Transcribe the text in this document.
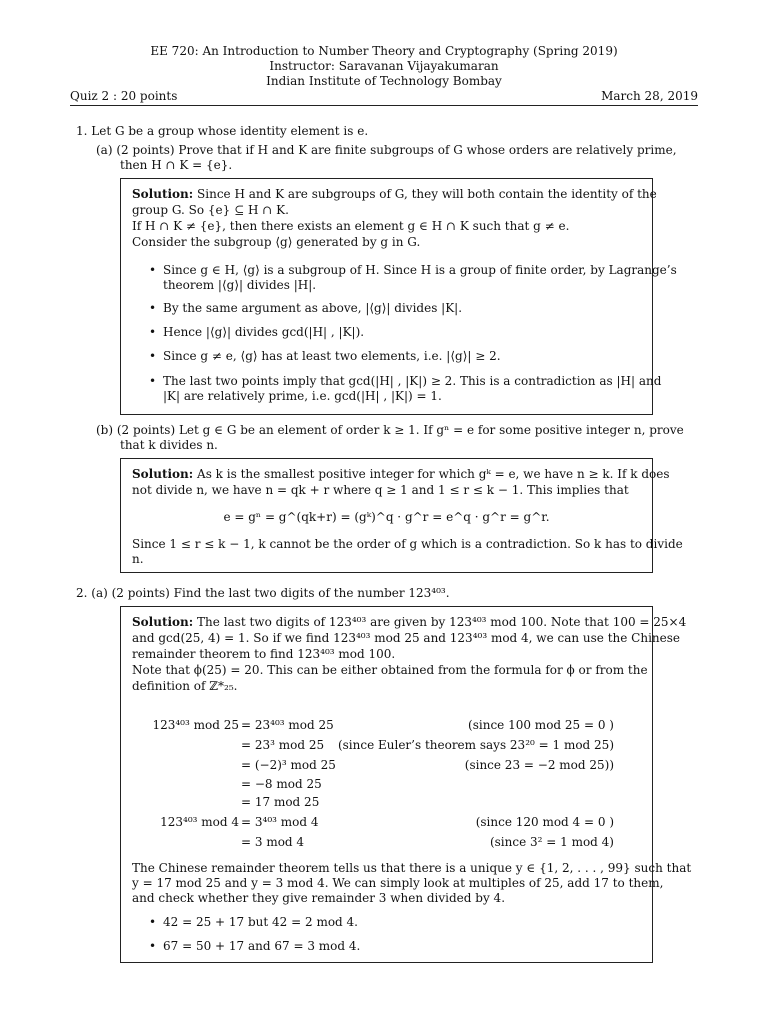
EE 720: An Introduction to Number Theory and Cryptography (Spring 2019)
Instructor: Saravanan Vijayakumaran
Indian Institute of Technology Bombay
Quiz 2 : 20 points	March 28, 2019
1. Let G be a group whose identity element is e.
(a) (2 points) Prove that if H and K are finite subgroups of G whose orders are relatively prime,
then H ∩ K = {e}.
Solution: Since H and K are subgroups of G, they will both contain the identity of the
group G. So {e} ⊆ H ∩ K.
If H ∩ K ≠ {e}, then there exists an element g ∈ H ∩ K such that g ≠ e.
Consider the subgroup ⟨g⟩ generated by g in G.
• Since g ∈ H, ⟨g⟩ is a subgroup of H. Since H is a group of finite order, by Lagrange’s
theorem |⟨g⟩| divides |H|.
• By the same argument as above, |⟨g⟩| divides |K|.
• Hence |⟨g⟩| divides gcd(|H| , |K|).
• Since g ≠ e, ⟨g⟩ has at least two elements, i.e. |⟨g⟩| ≥ 2.
• The last two points imply that gcd(|H| , |K|) ≥ 2. This is a contradiction as |H| and
|K| are relatively prime, i.e. gcd(|H| , |K|) = 1.
(b) (2 points) Let g ∈ G be an element of order k ≥ 1. If gⁿ = e for some positive integer n, prove
that k divides n.
Solution: As k is the smallest positive integer for which gᵏ = e, we have n ≥ k. If k does
not divide n, we have n = qk + r where q ≥ 1 and 1 ≤ r ≤ k − 1. This implies that
e = gⁿ = g^(qk+r) = (gᵏ)^q · g^r = e^q · g^r = g^r.
Since 1 ≤ r ≤ k − 1, k cannot be the order of g which is a contradiction. So k has to divide
n.
2. (a) (2 points) Find the last two digits of the number 123⁴⁰³.
Solution: The last two digits of 123⁴⁰³ are given by 123⁴⁰³ mod 100. Note that 100 = 25×4
and gcd(25, 4) = 1. So if we find 123⁴⁰³ mod 25 and 123⁴⁰³ mod 4, we can use the Chinese
remainder theorem to find 123⁴⁰³ mod 100.
Note that ϕ(25) = 20. This can be either obtained from the formula for ϕ or from the
definition of ℤ*₂₅.
123⁴⁰³ mod 25 = 23⁴⁰³ mod 25	(since 100 mod 25 = 0 )
= 23³ mod 25 (since Euler’s theorem says 23²⁰ = 1 mod 25)
= (−2)³ mod 25	(since 23 = −2 mod 25))
= −8 mod 25
= 17 mod 25
123⁴⁰³ mod 4 = 3⁴⁰³ mod 4	(since 120 mod 4 = 0 )
= 3 mod 4	(since 3² = 1 mod 4)
The Chinese remainder theorem tells us that there is a unique y ∈ {1, 2, . . . , 99} such that
y = 17 mod 25 and y = 3 mod 4. We can simply look at multiples of 25, add 17 to them,
and check whether they give remainder 3 when divided by 4.
• 42 = 25 + 17 but 42 = 2 mod 4.
• 67 = 50 + 17 and 67 = 3 mod 4.
